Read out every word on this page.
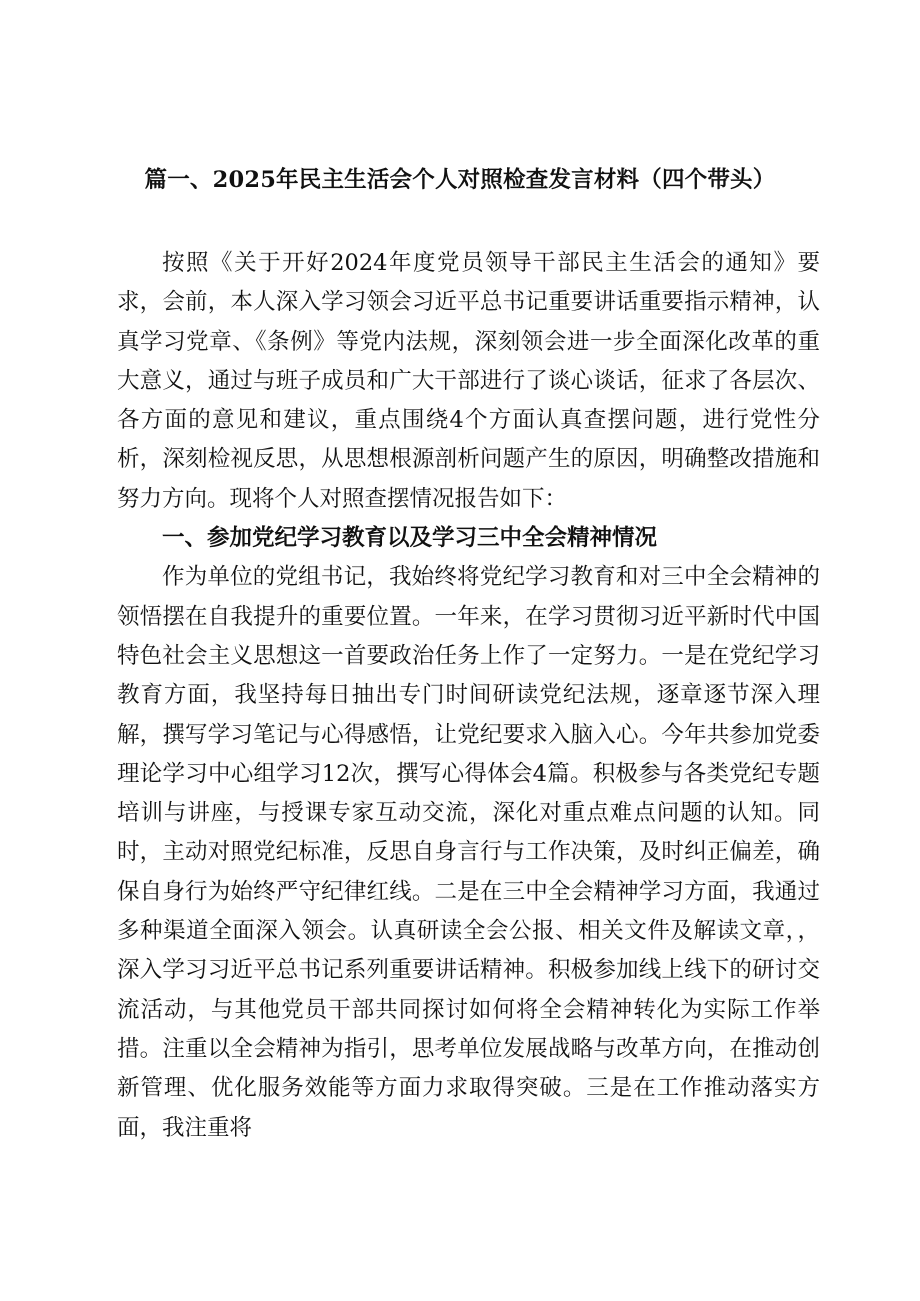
篇一、2025年民主生活会个人对照检查发言材料（四个带头）

按照《关于开好2024年度党员领导干部民主生活会的通知》要求，会前，本人深入学习领会习近平总书记重要讲话重要指示精神，认真学习党章、《条例》等党内法规，深刻领会进一步全面深化改革的重大意义，通过与班子成员和广大干部进行了谈心谈话，征求了各层次、各方面的意见和建议，重点围绕4个方面认真查摆问题，进行党性分析，深刻检视反思，从思想根源剖析问题产生的原因，明确整改措施和努力方向。现将个人对照查摆情况报告如下：

一、参加党纪学习教育以及学习三中全会精神情况

作为单位的党组书记，我始终将党纪学习教育和对三中全会精神的领悟摆在自我提升的重要位置。一年来，在学习贯彻习近平新时代中国特色社会主义思想这一首要政治任务上作了一定努力。一是在党纪学习教育方面，我坚持每日抽出专门时间研读党纪法规，逐章逐节深入理解，撰写学习笔记与心得感悟，让党纪要求入脑入心。今年共参加党委理论学习中心组学习12次，撰写心得体会4篇。积极参与各类党纪专题培训与讲座，与授课专家互动交流，深化对重点难点问题的认知。同时，主动对照党纪标准，反思自身言行与工作决策，及时纠正偏差，确保自身行为始终严守纪律红线。二是在三中全会精神学习方面，我通过多种渠道全面深入领会。认真研读全会公报、相关文件及解读文章，，深入学习习近平总书记系列重要讲话精神。积极参加线上线下的研讨交流活动，与其他党员干部共同探讨如何将全会精神转化为实际工作举措。注重以全会精神为指引，思考单位发展战略与改革方向，在推动创新管理、优化服务效能等方面力求取得突破。三是在工作推动落实方面，我注重将
